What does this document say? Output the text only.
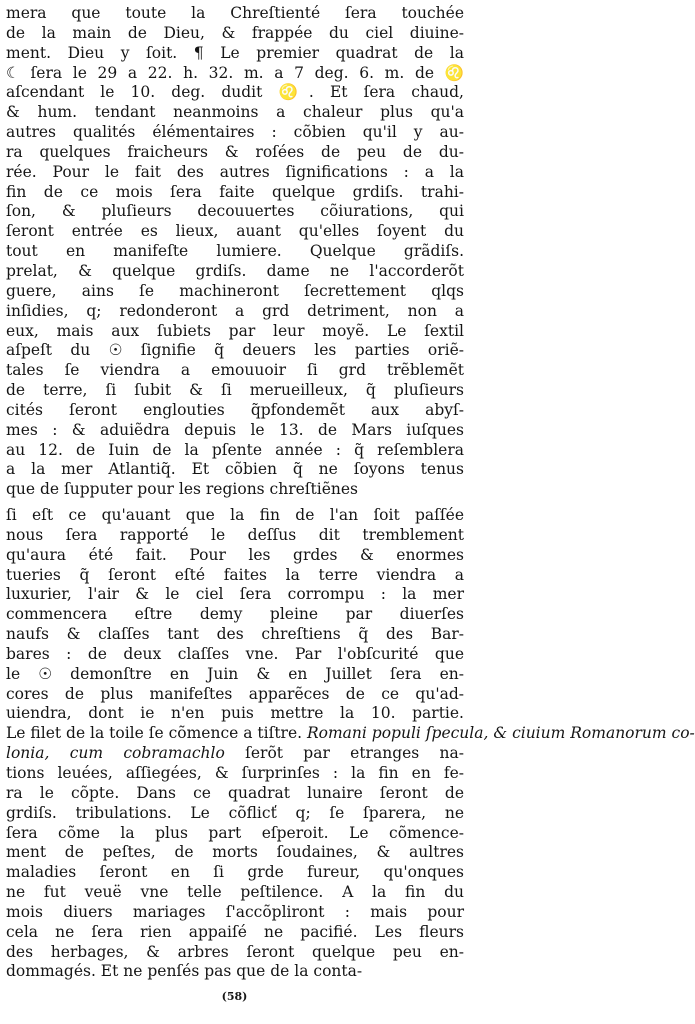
mera que toute la Chreſtienté ſera touchée
de la main de Dieu, & frappée du ciel diuine-
ment. Dieu y ſoit. ¶ Le premier quadrat de la
☾ ſera le 29 a 22. h. 32. m. a 7 deg. 6. m. de ♌
aſcendant le 10. deg. dudit ♌. Et ſera chaud,
& hum. tendant neanmoins a chaleur plus qu'a
autres qualités élémentaires : cõbien qu'il y au-
ra quelques fraicheurs & roſées de peu de du-
rée. Pour le fait des autres ſignifications : a la
fin de ce mois ſera faite quelque grdiſs. trahi-
ſon, & pluſieurs decouuertes cõiurations, qui
ſeront entrée es lieux, auant qu'elles ſoyent du
tout en manifeſte lumiere. Quelque grãdiſs.
prelat, & quelque grdiſs. dame ne l'accorderõt
guere, ains ſe machineront ſecrettement qlqs
inſidies, q; redonderont a grd detriment, non a
eux, mais aux ſubiets par leur moyẽ. Le ſextil
aſpeſt du ☉ ſignifie q̃ deuers les parties oriẽ-
tales ſe viendra a emouuoir ſi grd trẽblemẽt
de terre, ſi ſubit & ſi merueilleux, q̃ pluſieurs
cités ſeront englouties q̃pfondemẽt aux abyſ-
mes : & aduiẽdra depuis le 13. de Mars iuſques
au 12. de Iuin de la pſente année : q̃ reſemblera
a la mer Atlantiq̃. Et cõbien q̃ ne ſoyons tenus
que de ſupputer pour les regions chreſtiẽnes
ſi eſt ce qu'auant que la fin de l'an ſoit paſſée
nous ſera rapporté le deſſus dit tremblement
qu'aura été fait. Pour les grdes & enormes
tueries q̃ ſeront eſté faites la terre viendra a
luxurier, l'air & le ciel ſera corrompu : la mer
commencera eſtre demy pleine par diuerſes
naufs & claſſes tant des chreſtiens q̃ des Bar-
bares : de deux claſſes vne. Par l'obſcurité que
le ☉ demonſtre en Juin & en Juillet ſera en-
cores de plus manifeſtes apparẽces de ce qu'ad-
uiendra, dont ie n'en puis mettre la 10. partie.
Le filet de la toile ſe cõmence a tiſtre. Romani populi ſpecula, & ciuium Romanorum co-
lonia, cum cobramachlo ſerõt par etranges na-
tions leuées, aſſiegées, & ſurprinſes : la fin en fe-
ra le cõpte. Dans ce quadrat lunaire ſeront de
grdiſs. tribulations. Le cõflicť q; ſe ſparera, ne
ſera cõme la plus part eſperoit. Le cõmence-
ment de peſtes, de morts ſoudaines, & aultres
maladies ſeront en ſi grde fureur, qu'onques
ne fut veuë vne telle peſtilence. A la fin du
mois diuers mariages ſ'accõpliront : mais pour
cela ne ſera rien appaiſé ne pacifié. Les fleurs
des herbages, & arbres ſeront quelque peu en-
dommagés. Et ne penſés pas que de la conta-
(58)
